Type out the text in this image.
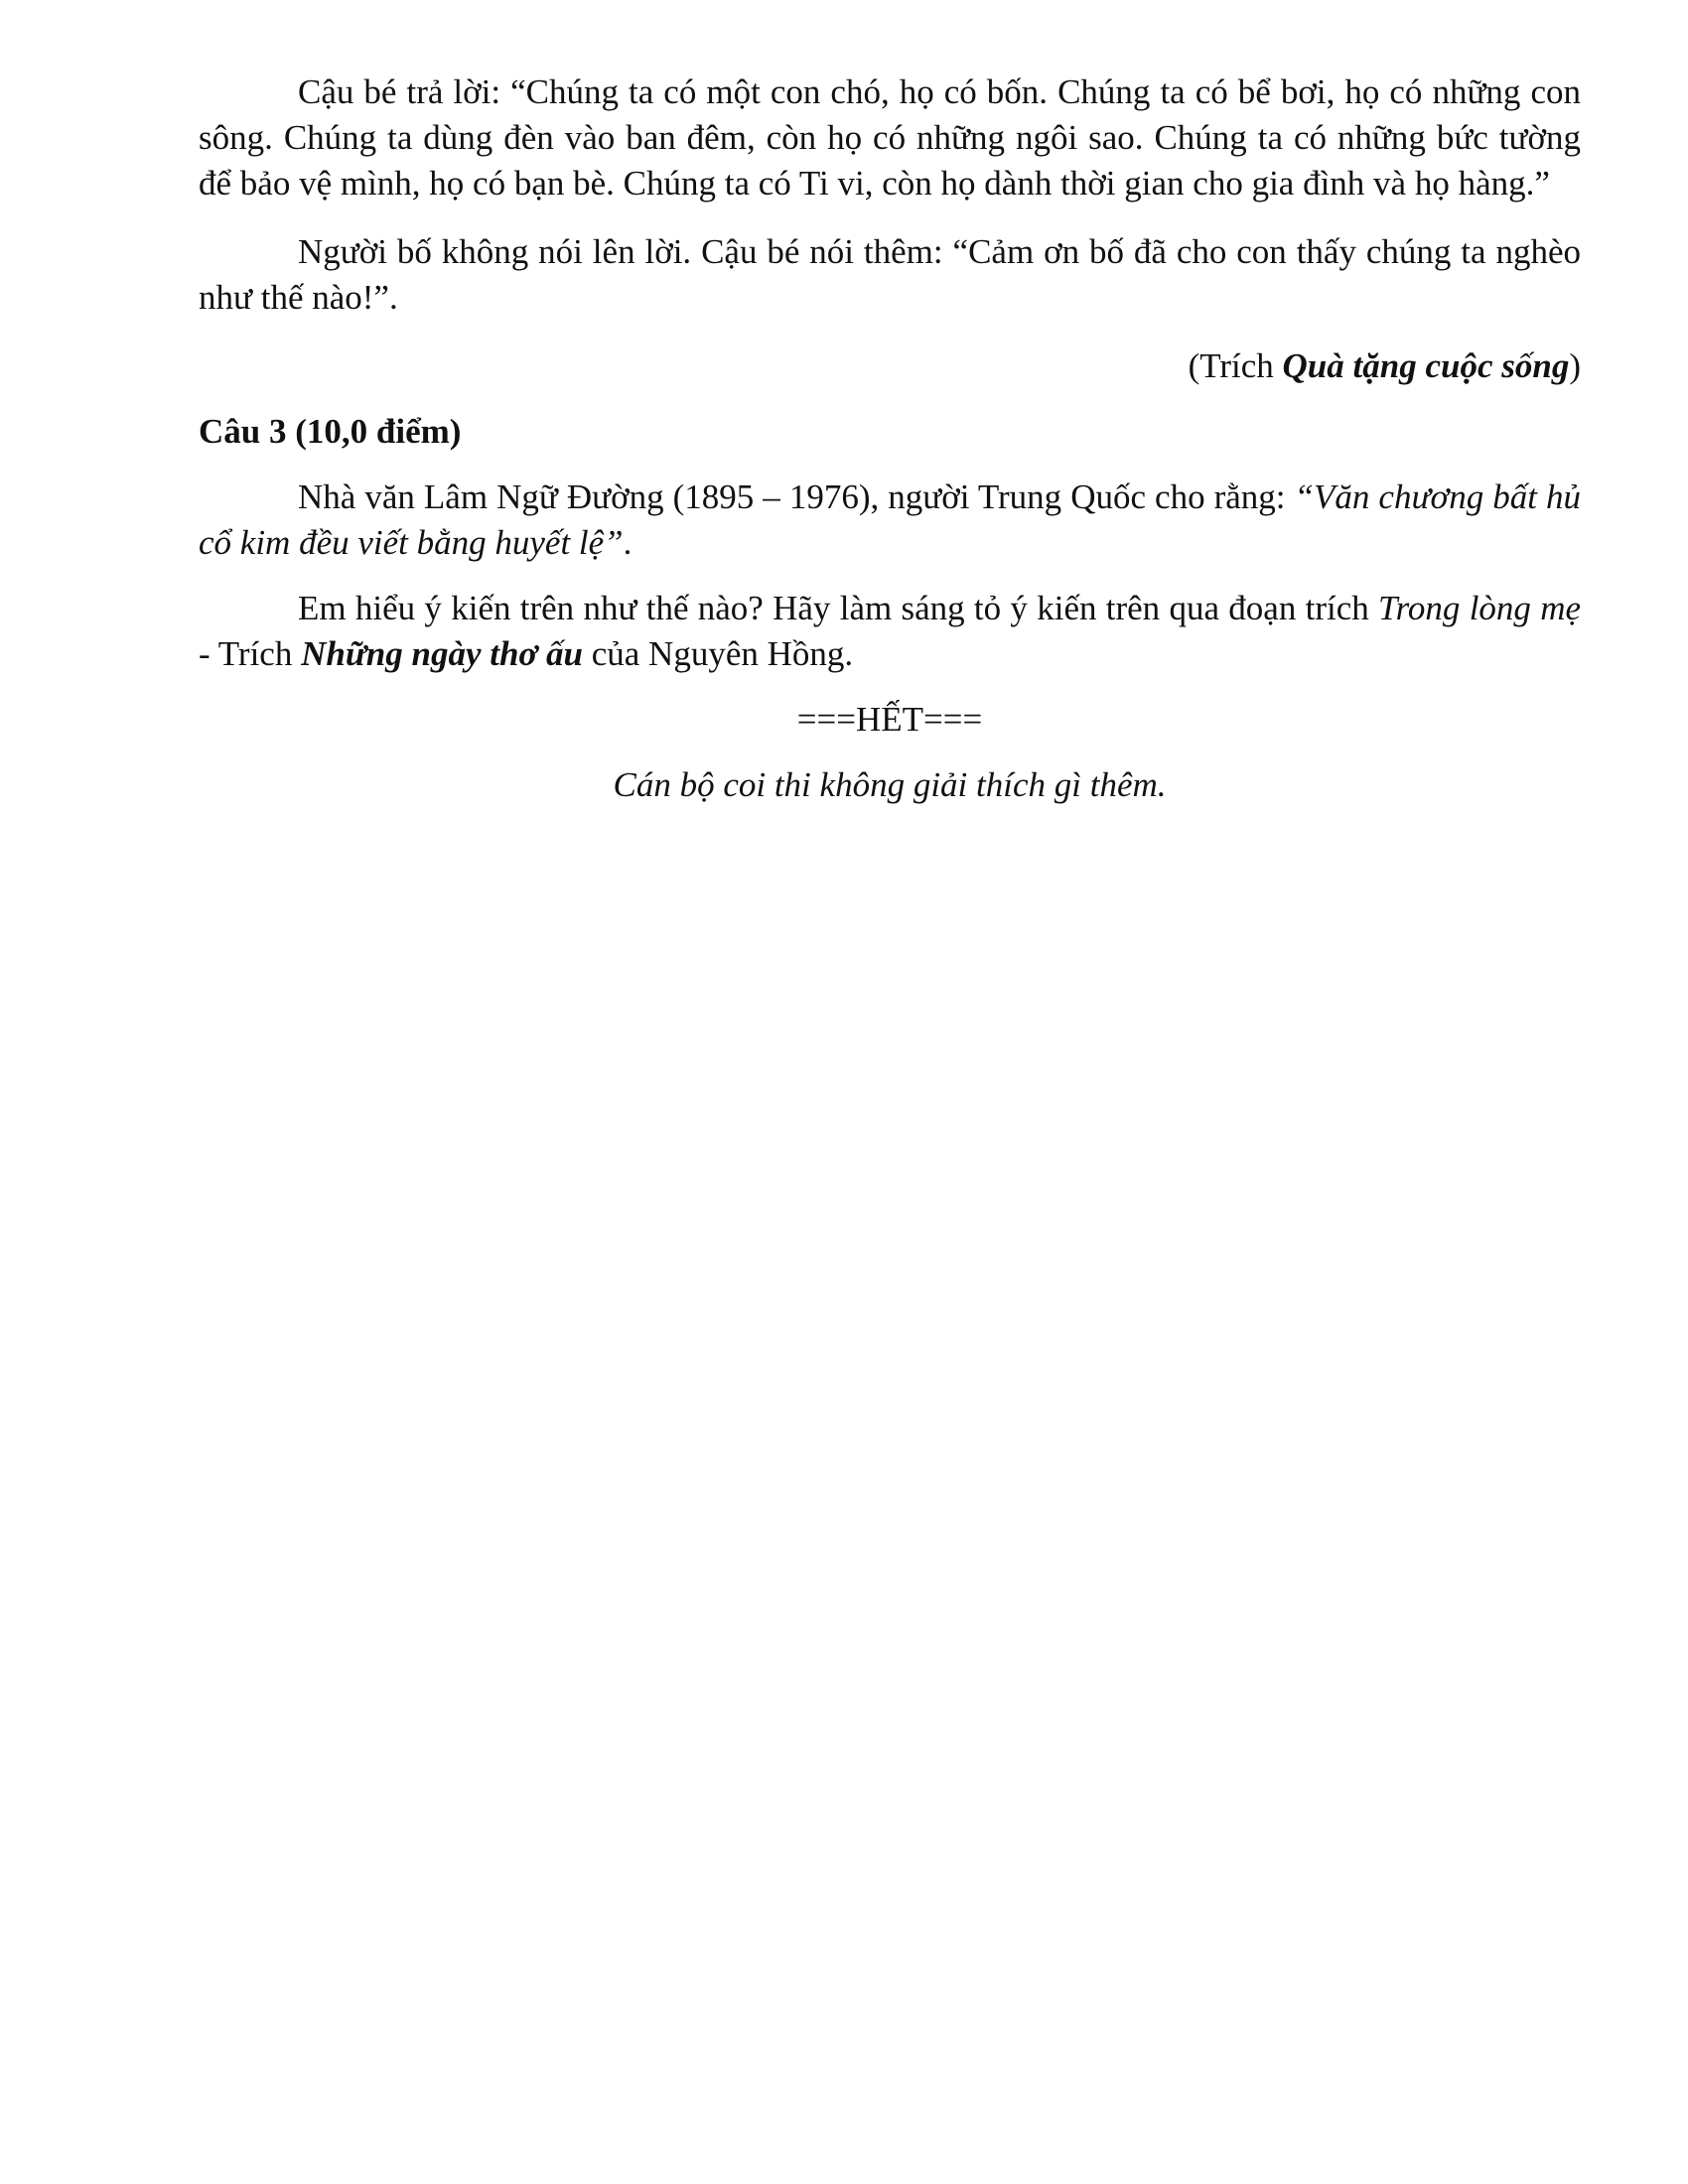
Cậu bé trả lời: “Chúng ta có một con chó, họ có bốn. Chúng ta có bể bơi, họ có những con sông. Chúng ta dùng đèn vào ban đêm, còn họ có những ngôi sao. Chúng ta có những bức tường để bảo vệ mình, họ có bạn bè. Chúng ta có Ti vi, còn họ dành thời gian cho gia đình và họ hàng.”

Người bố không nói lên lời. Cậu bé nói thêm: “Cảm ơn bố đã cho con thấy chúng ta nghèo như thế nào!”.

(Trích Quà tặng cuộc sống)

Câu 3 (10,0 điểm)

Nhà văn Lâm Ngữ Đường (1895 – 1976), người Trung Quốc cho rằng: “Văn chương bất hủ cổ kim đều viết bằng huyết lệ”.

Em hiểu ý kiến trên như thế nào? Hãy làm sáng tỏ ý kiến trên qua đoạn trích Trong lòng mẹ - Trích Những ngày thơ ấu của Nguyên Hồng.

===HẾT===

Cán bộ coi thi không giải thích gì thêm.
